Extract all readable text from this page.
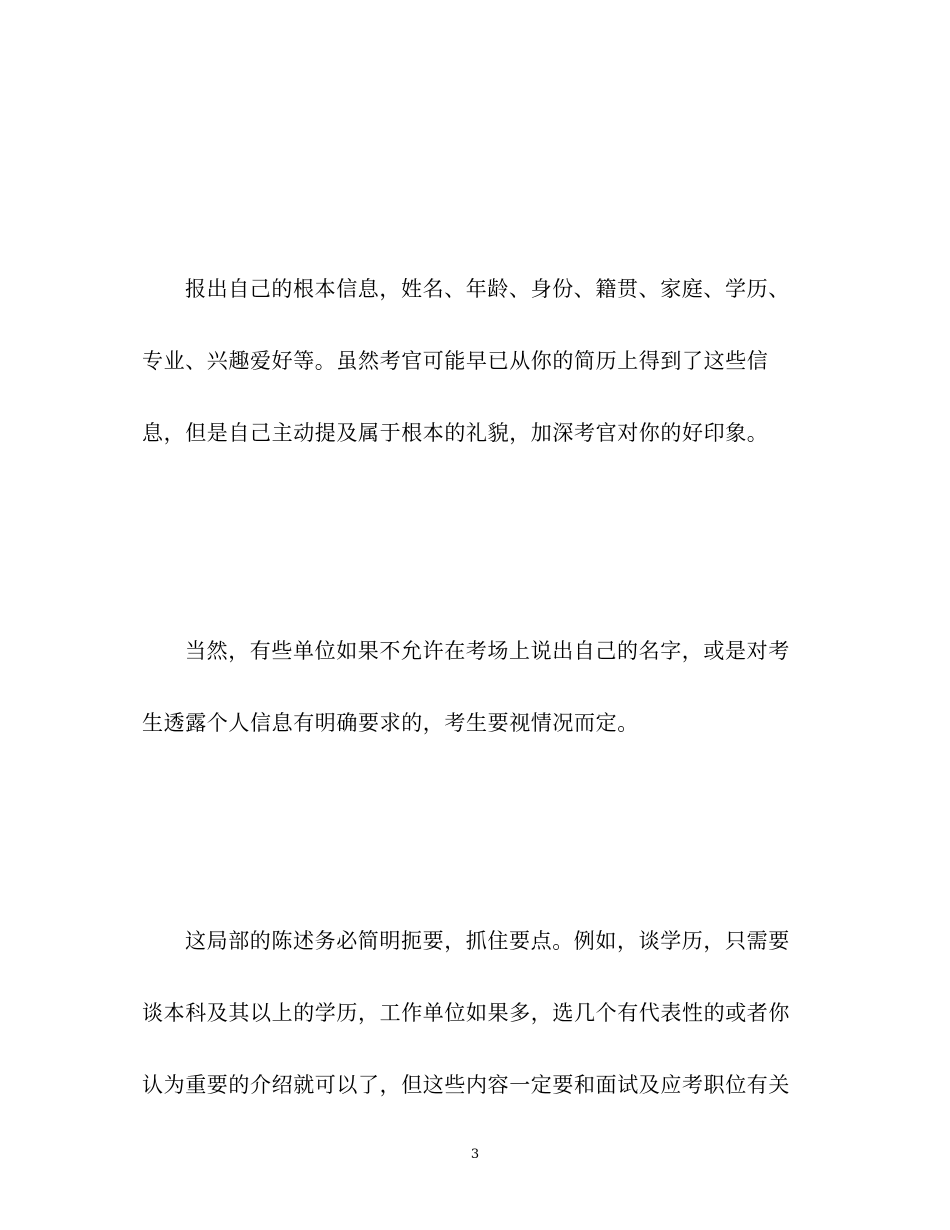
报出自己的根本信息，姓名、年龄、身份、籍贯、家庭、学历、
专业、兴趣爱好等。虽然考官可能早已从你的简历上得到了这些信
息，但是自己主动提及属于根本的礼貌，加深考官对你的好印象。
当然，有些单位如果不允许在考场上说出自己的名字，或是对考
生透露个人信息有明确要求的，考生要视情况而定。
这局部的陈述务必简明扼要，抓住要点。例如，谈学历，只需要
谈本科及其以上的学历，工作单位如果多，选几个有代表性的或者你
认为重要的介绍就可以了，但这些内容一定要和面试及应考职位有关
3
